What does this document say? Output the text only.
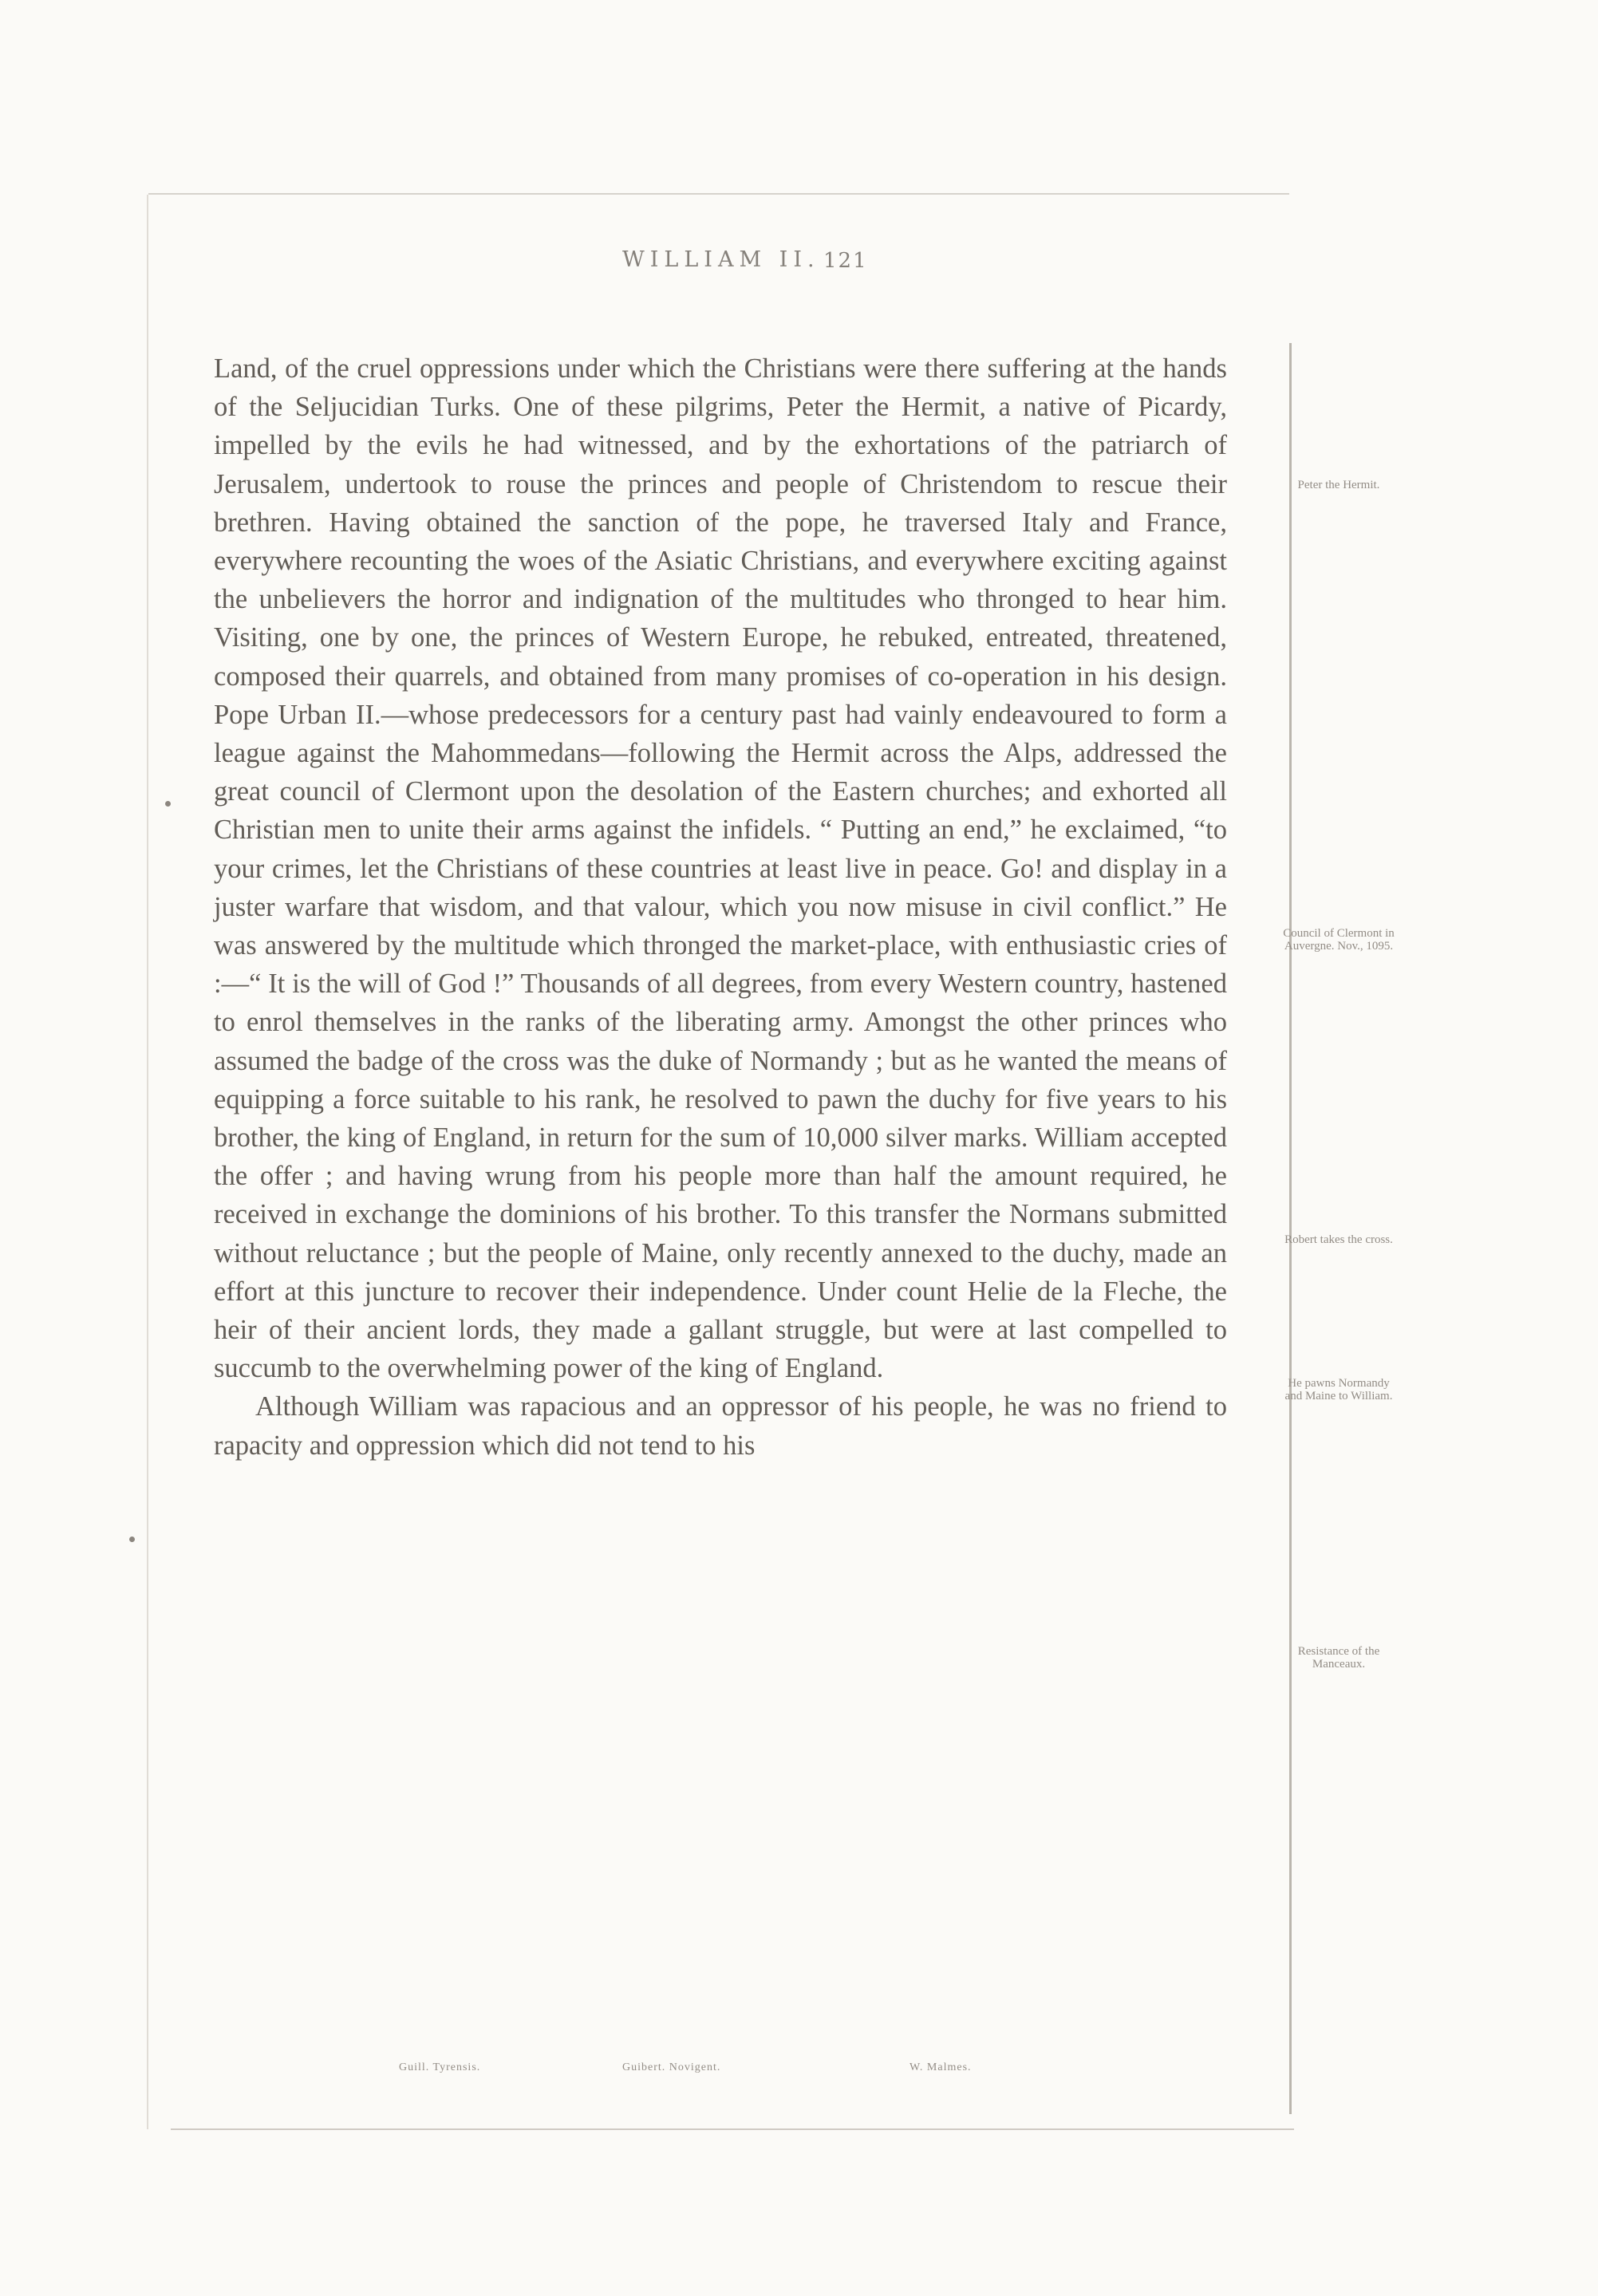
WILLIAM II. 121

Land, of the cruel oppressions under which the Christians were there suffering at the hands of the Seljucidian Turks. One of these pilgrims, Peter the Hermit, a native of Picardy, impelled by the evils he had witnessed, and by the exhortations of the patriarch of Jerusalem, undertook to rouse the princes and people of Christendom to rescue their brethren. Having obtained the sanction of the pope, he traversed Italy and France, everywhere recounting the woes of the Asiatic Christians, and everywhere exciting against the unbelievers the horror and indignation of the multitudes who thronged to hear him. Visiting, one by one, the princes of Western Europe, he rebuked, entreated, threatened, composed their quarrels, and obtained from many promises of co-operation in his design. Pope Urban II.—whose predecessors for a century past had vainly endeavoured to form a league against the Mahommedans—following the Hermit across the Alps, addressed the great council of Clermont upon the desolation of the Eastern churches; and exhorted all Christian men to unite their arms against the infidels. “ Putting an end,” he exclaimed, “to your crimes, let the Christians of these countries at least live in peace. Go! and display in a juster warfare that wisdom, and that valour, which you now misuse in civil conflict.” He was answered by the multitude which thronged the market-place, with enthusiastic cries of :—“ It is the will of God !” Thousands of all degrees, from every Western country, hastened to enrol themselves in the ranks of the liberating army. Amongst the other princes who assumed the badge of the cross was the duke of Normandy ; but as he wanted the means of equipping a force suitable to his rank, he resolved to pawn the duchy for five years to his brother, the king of England, in return for the sum of 10,000 silver marks. William accepted the offer ; and having wrung from his people more than half the amount required, he received in exchange the dominions of his brother. To this transfer the Normans submitted without reluctance ; but the people of Maine, only recently annexed to the duchy, made an effort at this juncture to recover their independence. Under count Helie de la Fleche, the heir of their ancient lords, they made a gallant struggle, but were at last compelled to succumb to the overwhelming power of the king of England.

Although William was rapacious and an oppressor of his people, he was no friend to rapacity and oppression which did not tend to his

Peter the Hermit.
Council of Clermont in Auvergne. Nov., 1095.
Robert takes the cross.
He pawns Normandy and Maine to William.
Resistance of the Manceaux.
Guill. Tyrensis.	Guibert. Novigent.	W. Malmes.
